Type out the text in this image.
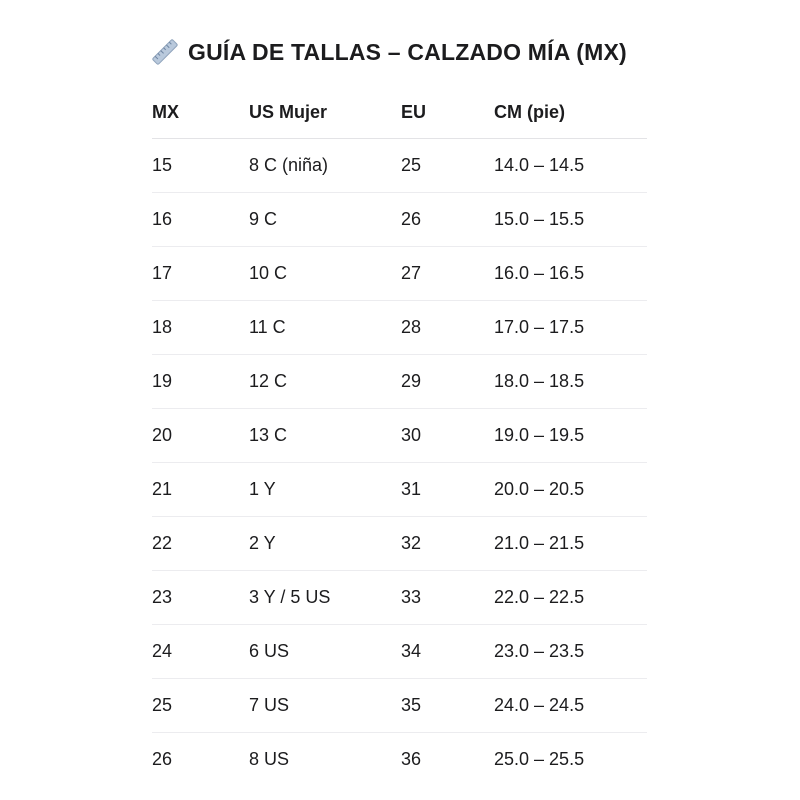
GUÍA DE TALLAS – CALZADO MÍA (MX)
MX	US Mujer	EU	CM (pie)
15	8 C (niña)	25	14.0 – 14.5
16	9 C	26	15.0 – 15.5
17	10 C	27	16.0 – 16.5
18	11 C	28	17.0 – 17.5
19	12 C	29	18.0 – 18.5
20	13 C	30	19.0 – 19.5
21	1 Y	31	20.0 – 20.5
22	2 Y	32	21.0 – 21.5
23	3 Y / 5 US	33	22.0 – 22.5
24	6 US	34	23.0 – 23.5
25	7 US	35	24.0 – 24.5
26	8 US	36	25.0 – 25.5
